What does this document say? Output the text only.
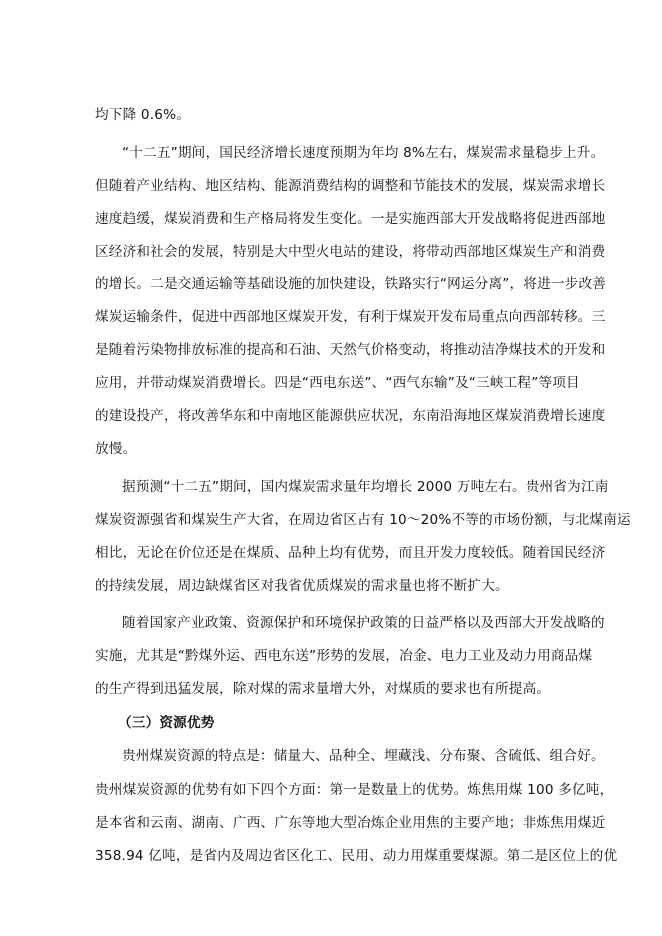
均下降 0.6%。
“十二五”期间，国民经济增长速度预期为年均 8%左右，煤炭需求量稳步上升。
但随着产业结构、地区结构、能源消费结构的调整和节能技术的发展，煤炭需求增长
速度趋缓，煤炭消费和生产格局将发生变化。一是实施西部大开发战略将促进西部地
区经济和社会的发展，特别是大中型火电站的建设，将带动西部地区煤炭生产和消费
的增长。二是交通运输等基础设施的加快建设，铁路实行“网运分离”，将进一步改善
煤炭运输条件，促进中西部地区煤炭开发，有利于煤炭开发布局重点向西部转移。三
是随着污染物排放标准的提高和石油、天然气价格变动，将推动洁净煤技术的开发和
应用，并带动煤炭消费增长。四是“西电东送”、“西气东输”及“三峡工程”等项目
的建设投产，将改善华东和中南地区能源供应状况，东南沿海地区煤炭消费增长速度
放慢。
据预测“十二五”期间，国内煤炭需求量年均增长 2000 万吨左右。贵州省为江南
煤炭资源强省和煤炭生产大省，在周边省区占有 10～20%不等的市场份额，与北煤南运
相比，无论在价位还是在煤质、品种上均有优势，而且开发力度较低。随着国民经济
的持续发展，周边缺煤省区对我省优质煤炭的需求量也将不断扩大。
随着国家产业政策、资源保护和环境保护政策的日益严格以及西部大开发战略的
实施，尤其是“黔煤外运、西电东送”形势的发展，冶金、电力工业及动力用商品煤
的生产得到迅猛发展，除对煤的需求量增大外，对煤质的要求也有所提高。
（三）资源优势
贵州煤炭资源的特点是：储量大、品种全、埋藏浅、分布聚、含硫低、组合好。
贵州煤炭资源的优势有如下四个方面：第一是数量上的优势。炼焦用煤 100 多亿吨，
是本省和云南、湖南、广西、广东等地大型冶炼企业用焦的主要产地；非炼焦用煤近
358.94 亿吨，是省内及周边省区化工、民用、动力用煤重要煤源。第二是区位上的优
